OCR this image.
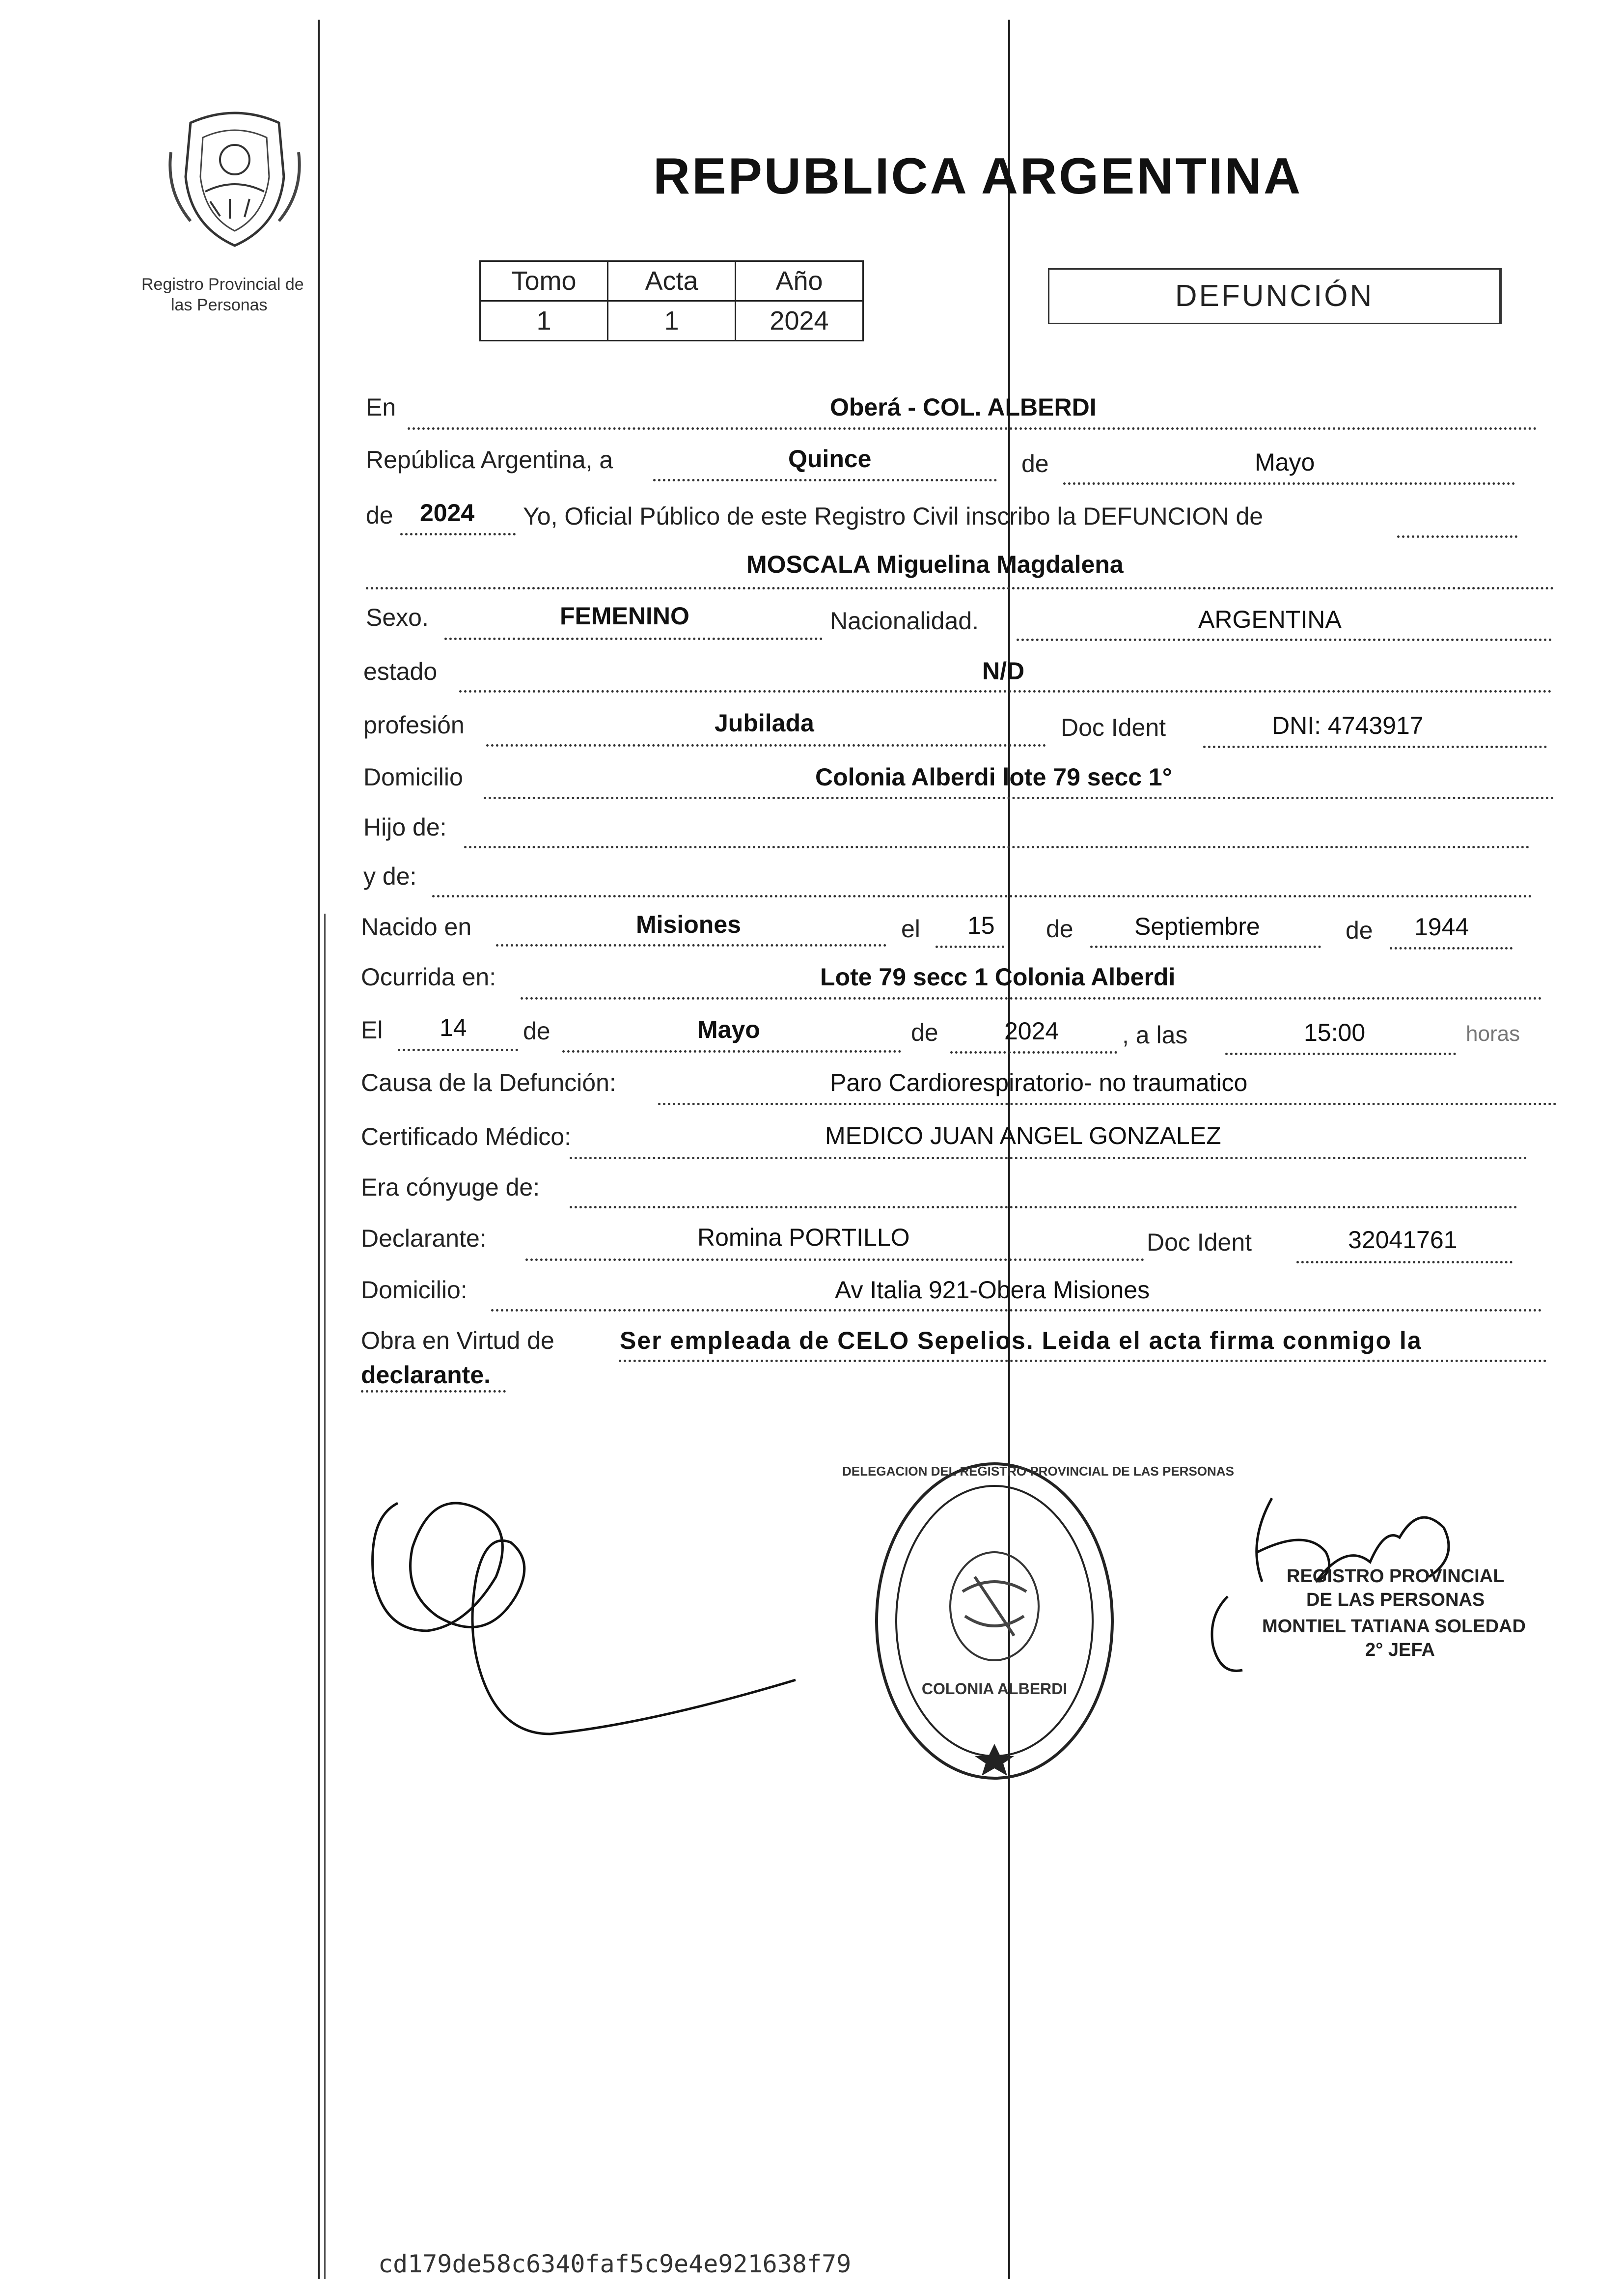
Registro Provincial de
las Personas
REPUBLICA ARGENTINA
Tomo	Acta	Año
1	1	2024
DEFUNCIÓN
En	Oberá - COL. ALBERDI
República Argentina, a	Quince	de	Mayo
de 2024 Yo, Oficial Público de este Registro Civil inscribo la DEFUNCION de
MOSCALA Miguelina Magdalena
Sexo.	FEMENINO	Nacionalidad.	ARGENTINA
estado	N/D
profesión	Jubilada	Doc Ident	DNI: 4743917
Domicilio	Colonia Alberdi lote 79 secc 1°
Hijo de:
y de:
Nacido en	Misiones	el 15 de Septiembre	de 1944
Ocurrida en:	Lote 79 secc 1 Colonia Alberdi
El 14 de	Mayo	de	2024	, a las	15:00	horas
Causa de la Defunción:	Paro Cardiorespiratorio- no traumatico
Certificado Médico:	MEDICO JUAN ANGEL GONZALEZ
Era cónyuge de:
Declarante:	Romina PORTILLO	Doc Ident	32041761
Domicilio:	Av Italia 921-Obera Misiones
Obra en Virtud de	Ser empleada de CELO Sepelios. Leida el acta firma conmigo la
declarante.
DELEGACION DEL REGISTRO PROVINCIAL DE LAS PERSONAS
COLONIA ALBERDI
REGISTRO PROVINCIAL
DE LAS PERSONAS
MONTIEL TATIANA SOLEDAD
2° JEFA
cd179de58c6340faf5c9e4e921638f79
